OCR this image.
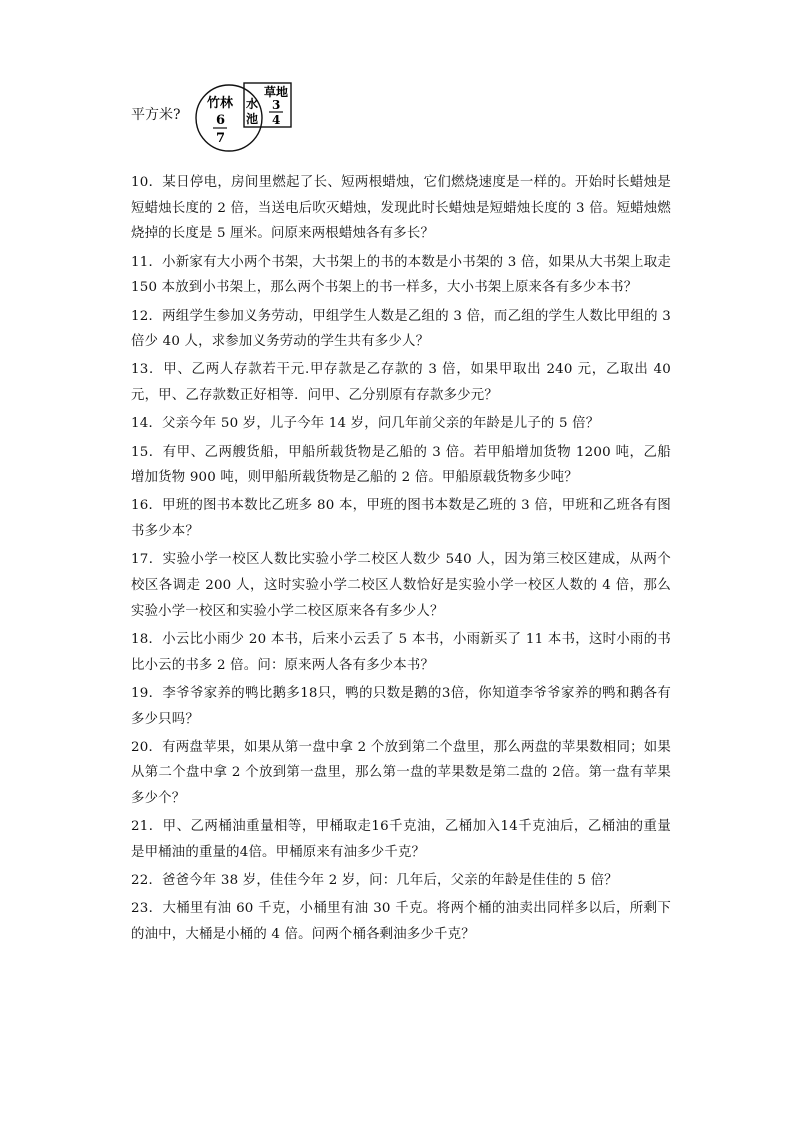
平方米?
竹林
6
7
水
池
草地
3
4

10．某日停电，房间里燃起了长、短两根蜡烛，它们燃烧速度是一样的。开始时长蜡烛是短蜡烛长度的 2 倍，当送电后吹灭蜡烛，发现此时长蜡烛是短蜡烛长度的 3 倍。短蜡烛燃烧掉的长度是 5 厘米。问原来两根蜡烛各有多长？

11．小新家有大小两个书架，大书架上的书的本数是小书架的 3 倍，如果从大书架上取走 150 本放到小书架上，那么两个书架上的书一样多，大小书架上原来各有多少本书？

12．两组学生参加义务劳动，甲组学生人数是乙组的 3 倍，而乙组的学生人数比甲组的 3 倍少 40 人，求参加义务劳动的学生共有多少人？

13．甲、乙两人存款若干元.甲存款是乙存款的 3 倍，如果甲取出 240 元，乙取出 40 元，甲、乙存款数正好相等．问甲、乙分别原有存款多少元？

14．父亲今年 50 岁，儿子今年 14 岁，问几年前父亲的年龄是儿子的 5 倍？

15．有甲、乙两艘货船，甲船所载货物是乙船的 3 倍。若甲船增加货物 1200 吨，乙船增加货物 900 吨，则甲船所载货物是乙船的 2 倍。甲船原载货物多少吨？

16．甲班的图书本数比乙班多 80 本，甲班的图书本数是乙班的 3 倍，甲班和乙班各有图书多少本？

17．实验小学一校区人数比实验小学二校区人数少 540 人，因为第三校区建成，从两个校区各调走 200 人，这时实验小学二校区人数恰好是实验小学一校区人数的 4 倍，那么实验小学一校区和实验小学二校区原来各有多少人？

18．小云比小雨少 20 本书，后来小云丢了 5 本书，小雨新买了 11 本书，这时小雨的书比小云的书多 2 倍。问：原来两人各有多少本书？

19．李爷爷家养的鸭比鹅多18只，鸭的只数是鹅的3倍，你知道李爷爷家养的鸭和鹅各有多少只吗？

20．有两盘苹果，如果从第一盘中拿 2 个放到第二个盘里，那么两盘的苹果数相同；如果从第二个盘中拿 2 个放到第一盘里，那么第一盘的苹果数是第二盘的 2倍。第一盘有苹果多少个？

21．甲、乙两桶油重量相等，甲桶取走16千克油，乙桶加入14千克油后，乙桶油的重量是甲桶油的重量的4倍。甲桶原来有油多少千克？

22．爸爸今年 38 岁，佳佳今年 2 岁，问：几年后，父亲的年龄是佳佳的 5 倍？

23．大桶里有油 60 千克，小桶里有油 30 千克。将两个桶的油卖出同样多以后，所剩下的油中，大桶是小桶的 4 倍。问两个桶各剩油多少千克？
